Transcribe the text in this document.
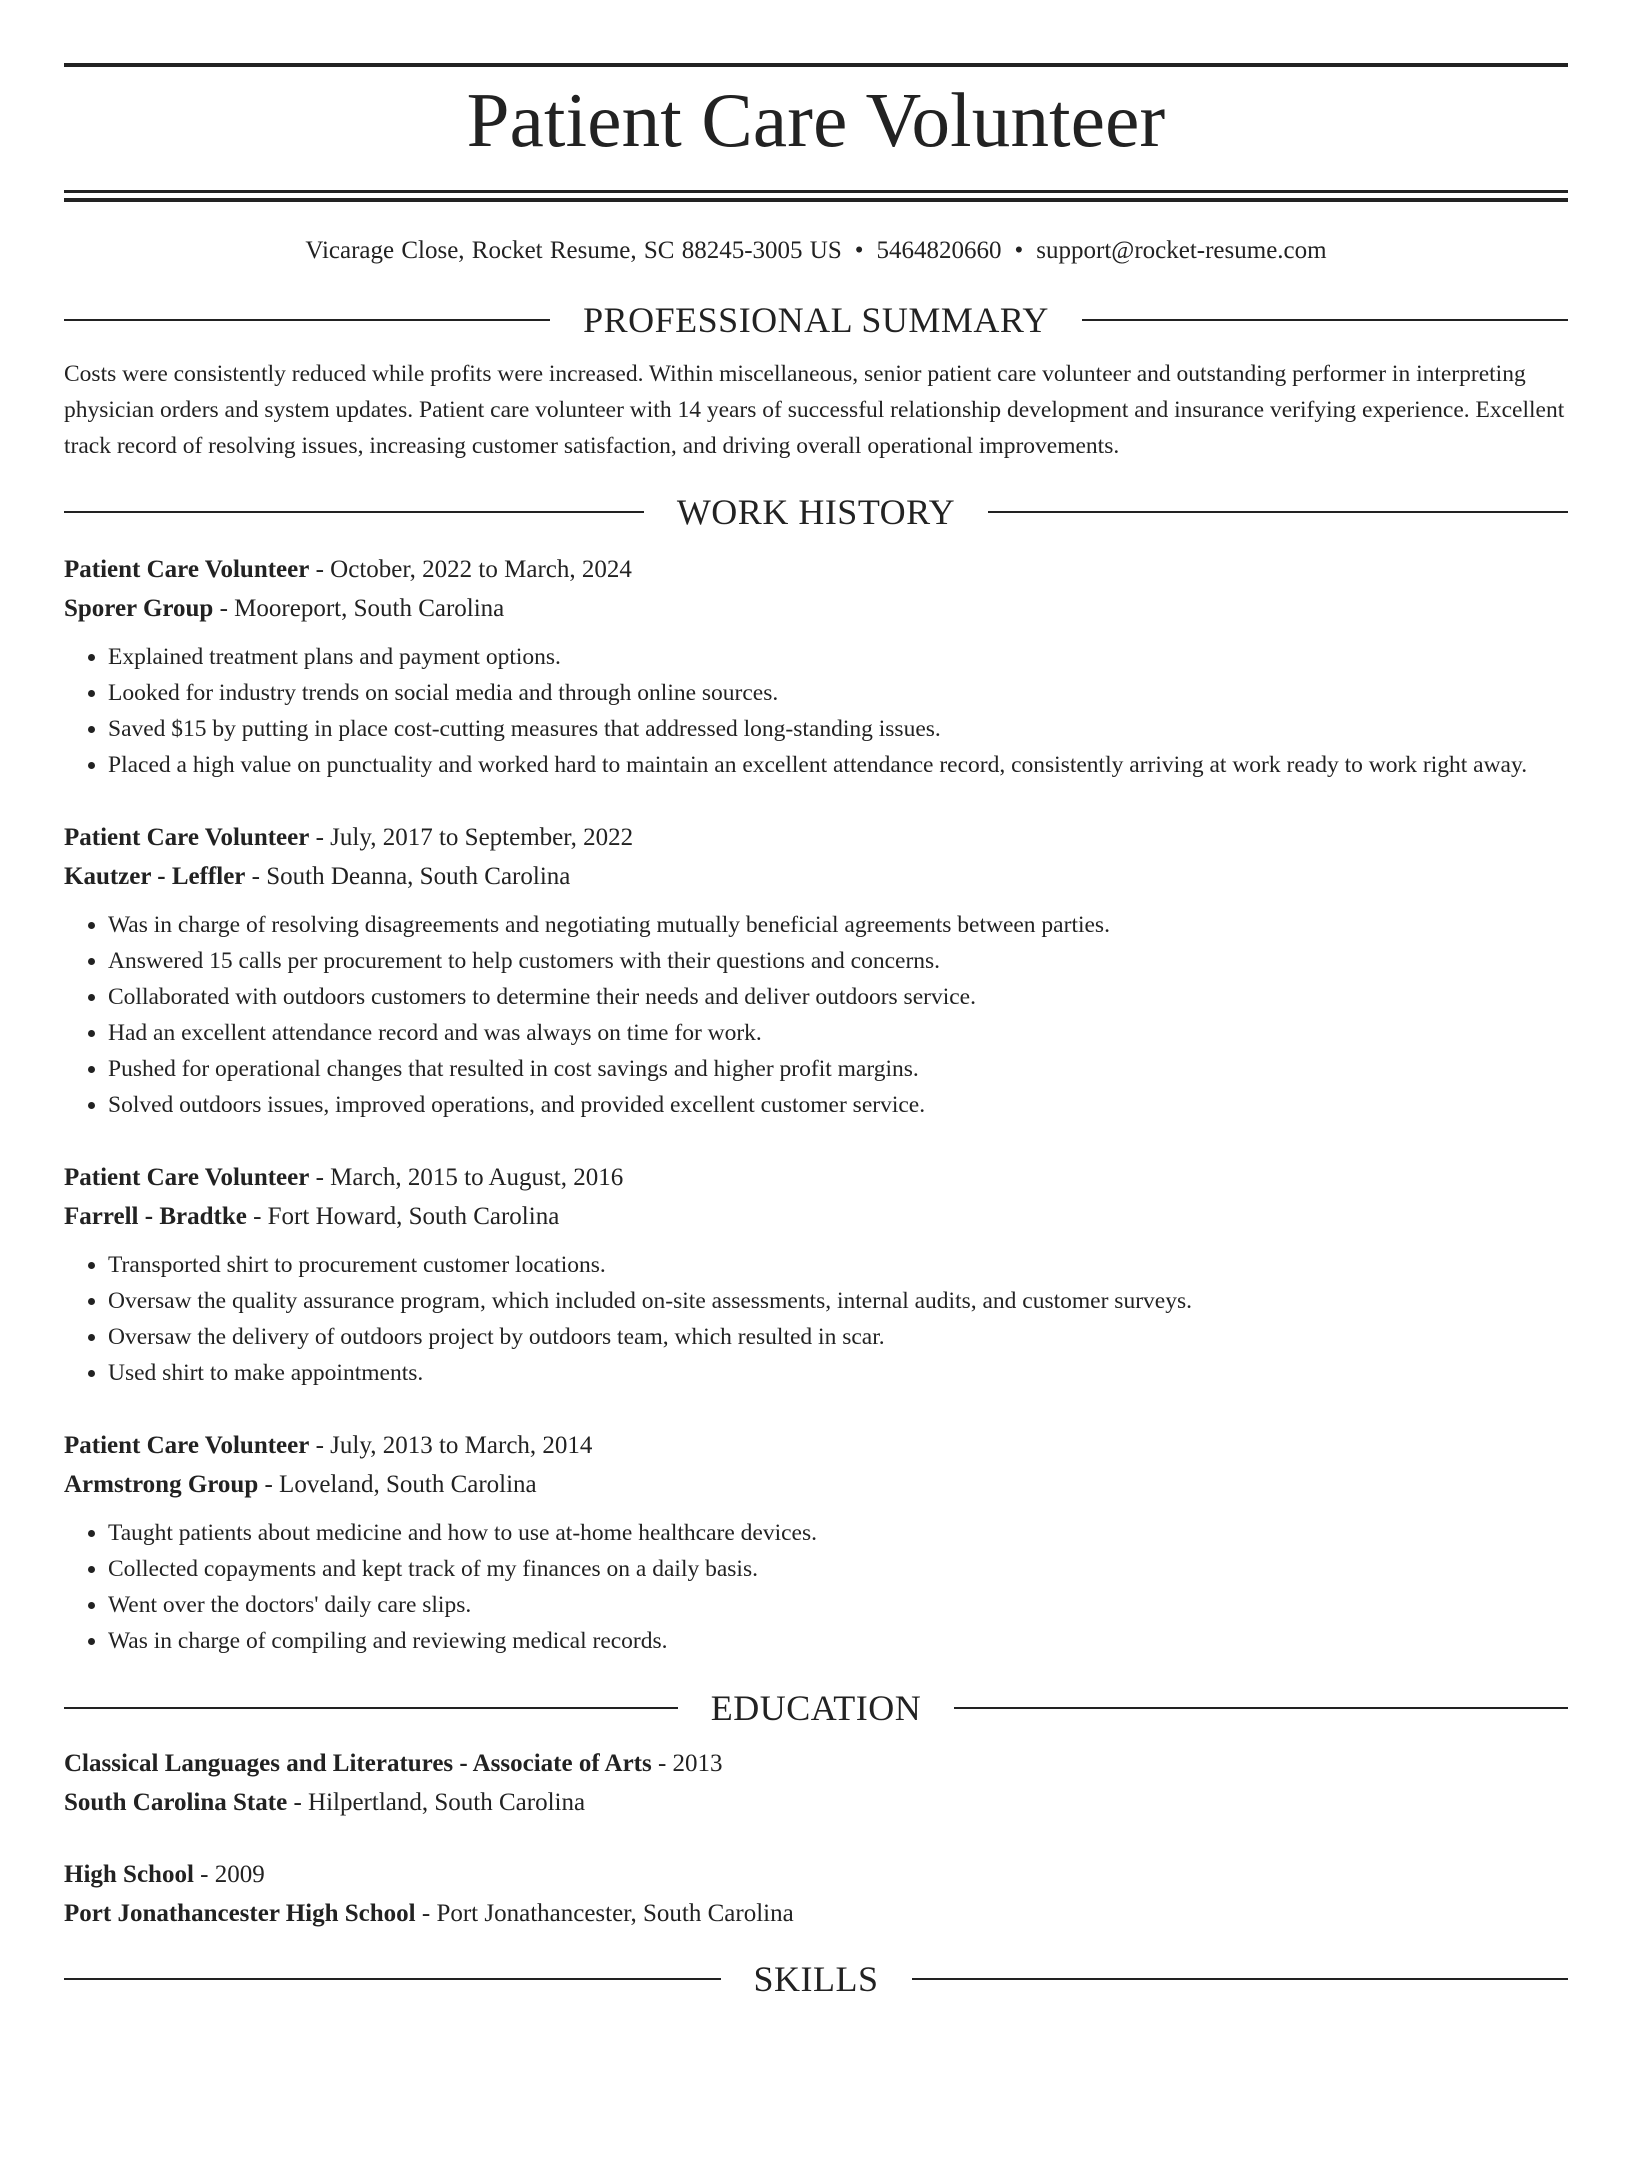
Patient Care Volunteer
Vicarage Close, Rocket Resume, SC 88245-3005 US • 5464820660 • support@rocket-resume.com
PROFESSIONAL SUMMARY

Costs were consistently reduced while profits were increased. Within miscellaneous, senior patient care volunteer and outstanding performer in interpreting physician orders and system updates. Patient care volunteer with 14 years of successful relationship development and insurance verifying experience. Excellent track record of resolving issues, increasing customer satisfaction, and driving overall operational improvements.

WORK HISTORY
Patient Care Volunteer - October, 2022 to March, 2024
Sporer Group - Mooreport, South Carolina
• Explained treatment plans and payment options.
• Looked for industry trends on social media and through online sources.
• Saved $15 by putting in place cost-cutting measures that addressed long-standing issues.
• Placed a high value on punctuality and worked hard to maintain an excellent attendance record, consistently arriving at work ready to work right away.
Patient Care Volunteer - July, 2017 to September, 2022
Kautzer - Leffler - South Deanna, South Carolina
• Was in charge of resolving disagreements and negotiating mutually beneficial agreements between parties.
• Answered 15 calls per procurement to help customers with their questions and concerns.
• Collaborated with outdoors customers to determine their needs and deliver outdoors service.
• Had an excellent attendance record and was always on time for work.
• Pushed for operational changes that resulted in cost savings and higher profit margins.
• Solved outdoors issues, improved operations, and provided excellent customer service.
Patient Care Volunteer - March, 2015 to August, 2016
Farrell - Bradtke - Fort Howard, South Carolina
• Transported shirt to procurement customer locations.
• Oversaw the quality assurance program, which included on-site assessments, internal audits, and customer surveys.
• Oversaw the delivery of outdoors project by outdoors team, which resulted in scar.
• Used shirt to make appointments.
Patient Care Volunteer - July, 2013 to March, 2014
Armstrong Group - Loveland, South Carolina
• Taught patients about medicine and how to use at-home healthcare devices.
• Collected copayments and kept track of my finances on a daily basis.
• Went over the doctors' daily care slips.
• Was in charge of compiling and reviewing medical records.
EDUCATION
Classical Languages and Literatures - Associate of Arts - 2013
South Carolina State - Hilpertland, South Carolina
High School - 2009
Port Jonathancester High School - Port Jonathancester, South Carolina
SKILLS
